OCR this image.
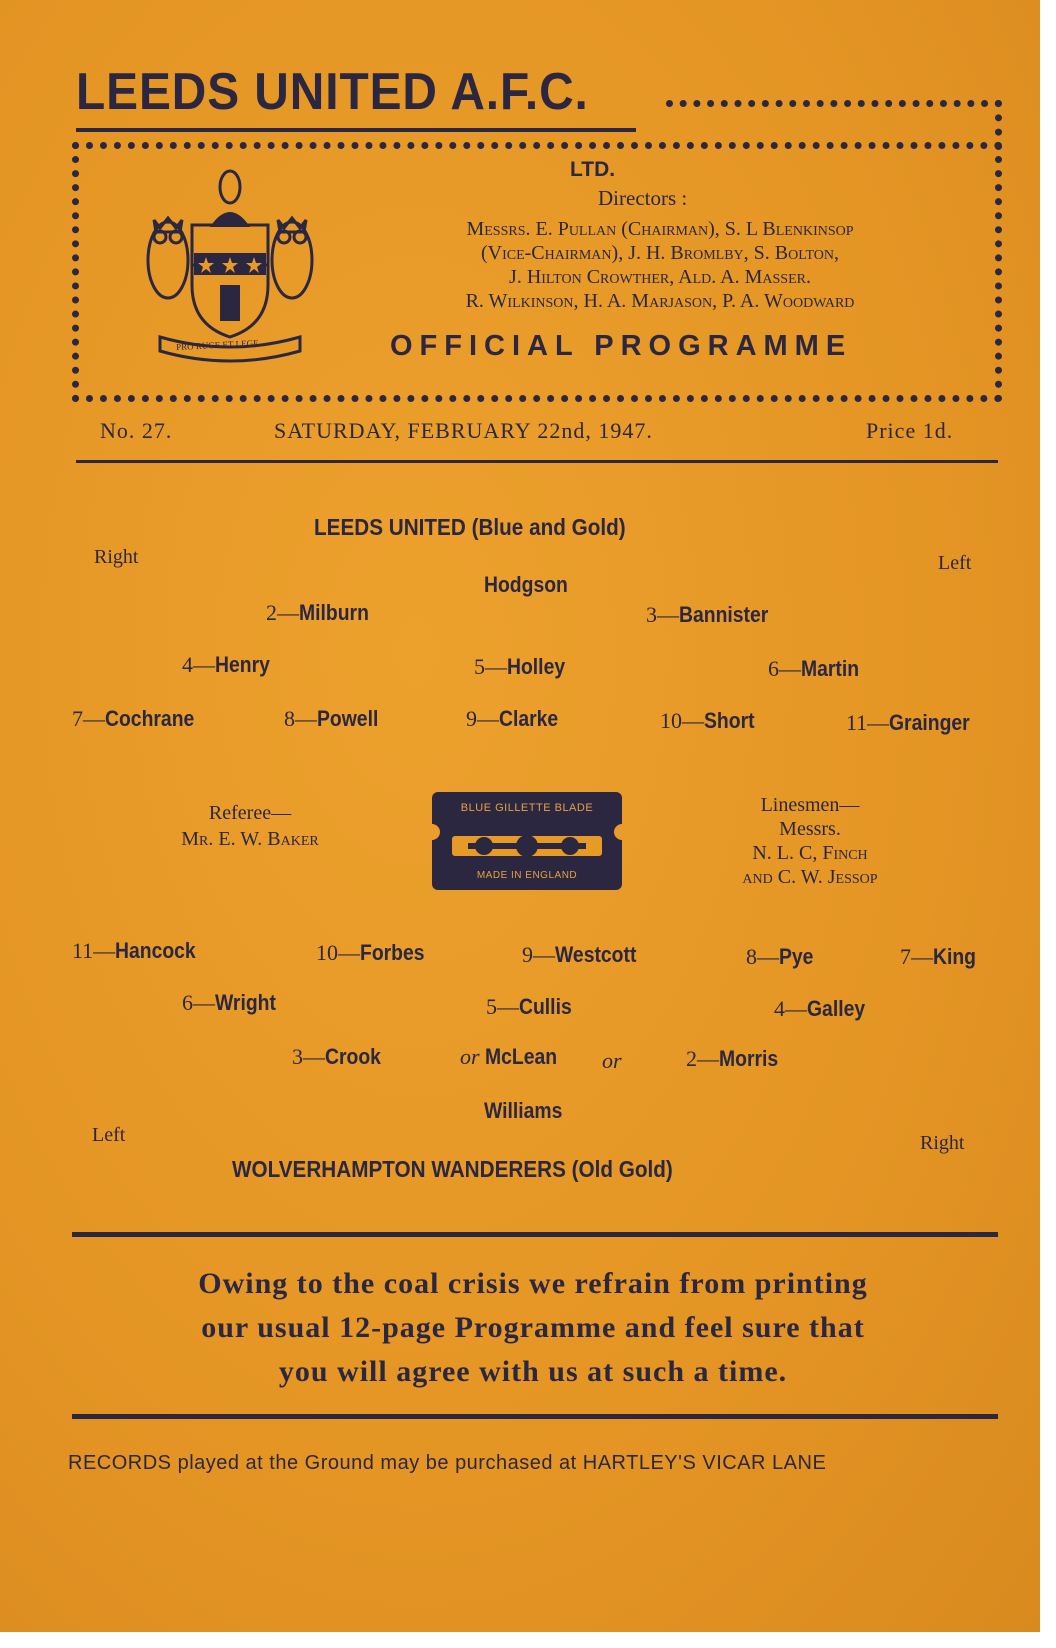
LEEDS UNITED A.F.C.
PRO RUGE ET LEGE
LTD.
Directors :
Messrs. E. Pullan (Chairman), S. L Blenkinsop
(Vice-Chairman), J. H. Bromlby, S. Bolton,
J. Hilton Crowther, Ald. A. Masser.
R. Wilkinson, H. A. Marjason, P. A. Woodward
OFFICIAL PROGRAMME
No. 27.	SATURDAY, FEBRUARY 22nd, 1947.	Price 1d.
LEEDS UNITED (Blue and Gold)
Right	Left
Hodgson
2—Milburn	3—Bannister
4—Henry	5—Holley	6—Martin
7—Cochrane	8—Powell	9—Clarke	10—Short	11—Grainger
Referee—
Mr. E. W. Baker
BLUE GILLETTE BLADE
MADE IN ENGLAND
Linesmen—
Messrs.
N. L. C, Finch
and C. W. Jessop
11—Hancock	10—Forbes	9—Westcott	8—Pye	7—King
6—Wright	5—Cullis	4—Galley
3—Crook	or McLean	or	2—Morris
Williams
Left	Right
WOLVERHAMPTON WANDERERS (Old Gold)
Owing to the coal crisis we refrain from printing
our usual 12-page Programme and feel sure that
you will agree with us at such a time.
RECORDS played at the Ground may be purchased at HARTLEY'S VICAR LANE
